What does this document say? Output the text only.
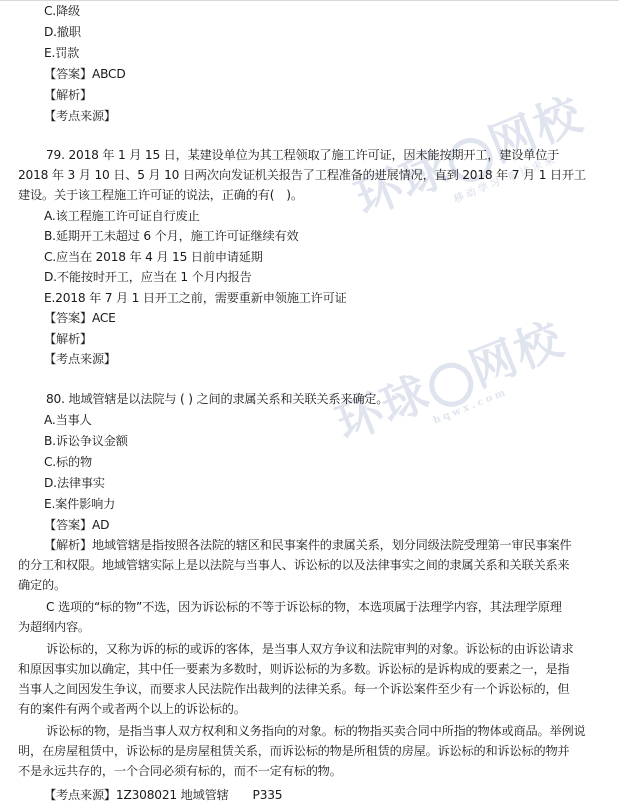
环球网校
移动学习 职达未来
环球网校
hqwx.com
C.降级
D.撤职
E.罚款
【答案】ABCD
【解析】
【考点来源】
79. 2018 年 1 月 15 日，某建设单位为其工程领取了施工许可证，因未能按期开工，建设单位于
2018 年 3 月 10 日、5 月 10 日两次向发证机关报告了工程准备的进展情况，直到 2018 年 7 月 1 日开工
建设。关于该工程施工许可证的说法，正确的有(　)。
A.该工程施工许可证自行废止
B.延期开工未超过 6 个月，施工许可证继续有效
C.应当在 2018 年 4 月 15 日前申请延期
D.不能按时开工，应当在 1 个月内报告
E.2018 年 7 月 1 日开工之前，需要重新申领施工许可证
【答案】ACE
【解析】
【考点来源】
80. 地域管辖是以法院与 ( ) 之间的隶属关系和关联关系来确定。
A.当事人
B.诉讼争议金额
C.标的物
D.法律事实
E.案件影响力
【答案】AD
【解析】地域管辖是指按照各法院的辖区和民事案件的隶属关系，划分同级法院受理第一审民事案件
的分工和权限。地域管辖实际上是以法院与当事人、诉讼标的以及法律事实之间的隶属关系和关联关系来
确定的。
C 选项的“标的物”不选，因为诉讼标的不等于诉讼标的物，本选项属于法理学内容，其法理学原理
为超纲内容。
诉讼标的，又称为诉的标的或诉的客体，是当事人双方争议和法院审判的对象。诉讼标的由诉讼请求
和原因事实加以确定，其中任一要素为多数时，则诉讼标的为多数。诉讼标的是诉构成的要素之一，是指
当事人之间因发生争议，而要求人民法院作出裁判的法律关系。每一个诉讼案件至少有一个诉讼标的，但
有的案件有两个或者两个以上的诉讼标的。
诉讼标的物，是指当事人双方权利和义务指向的对象。标的物指买卖合同中所指的物体或商品。举例说
明，在房屋租赁中，诉讼标的是房屋租赁关系，而诉讼标的物是所租赁的房屋。诉讼标的和诉讼标的物并
不是永远共存的，一个合同必须有标的，而不一定有标的物。
【考点来源】1Z308021 地域管辖　　P335
